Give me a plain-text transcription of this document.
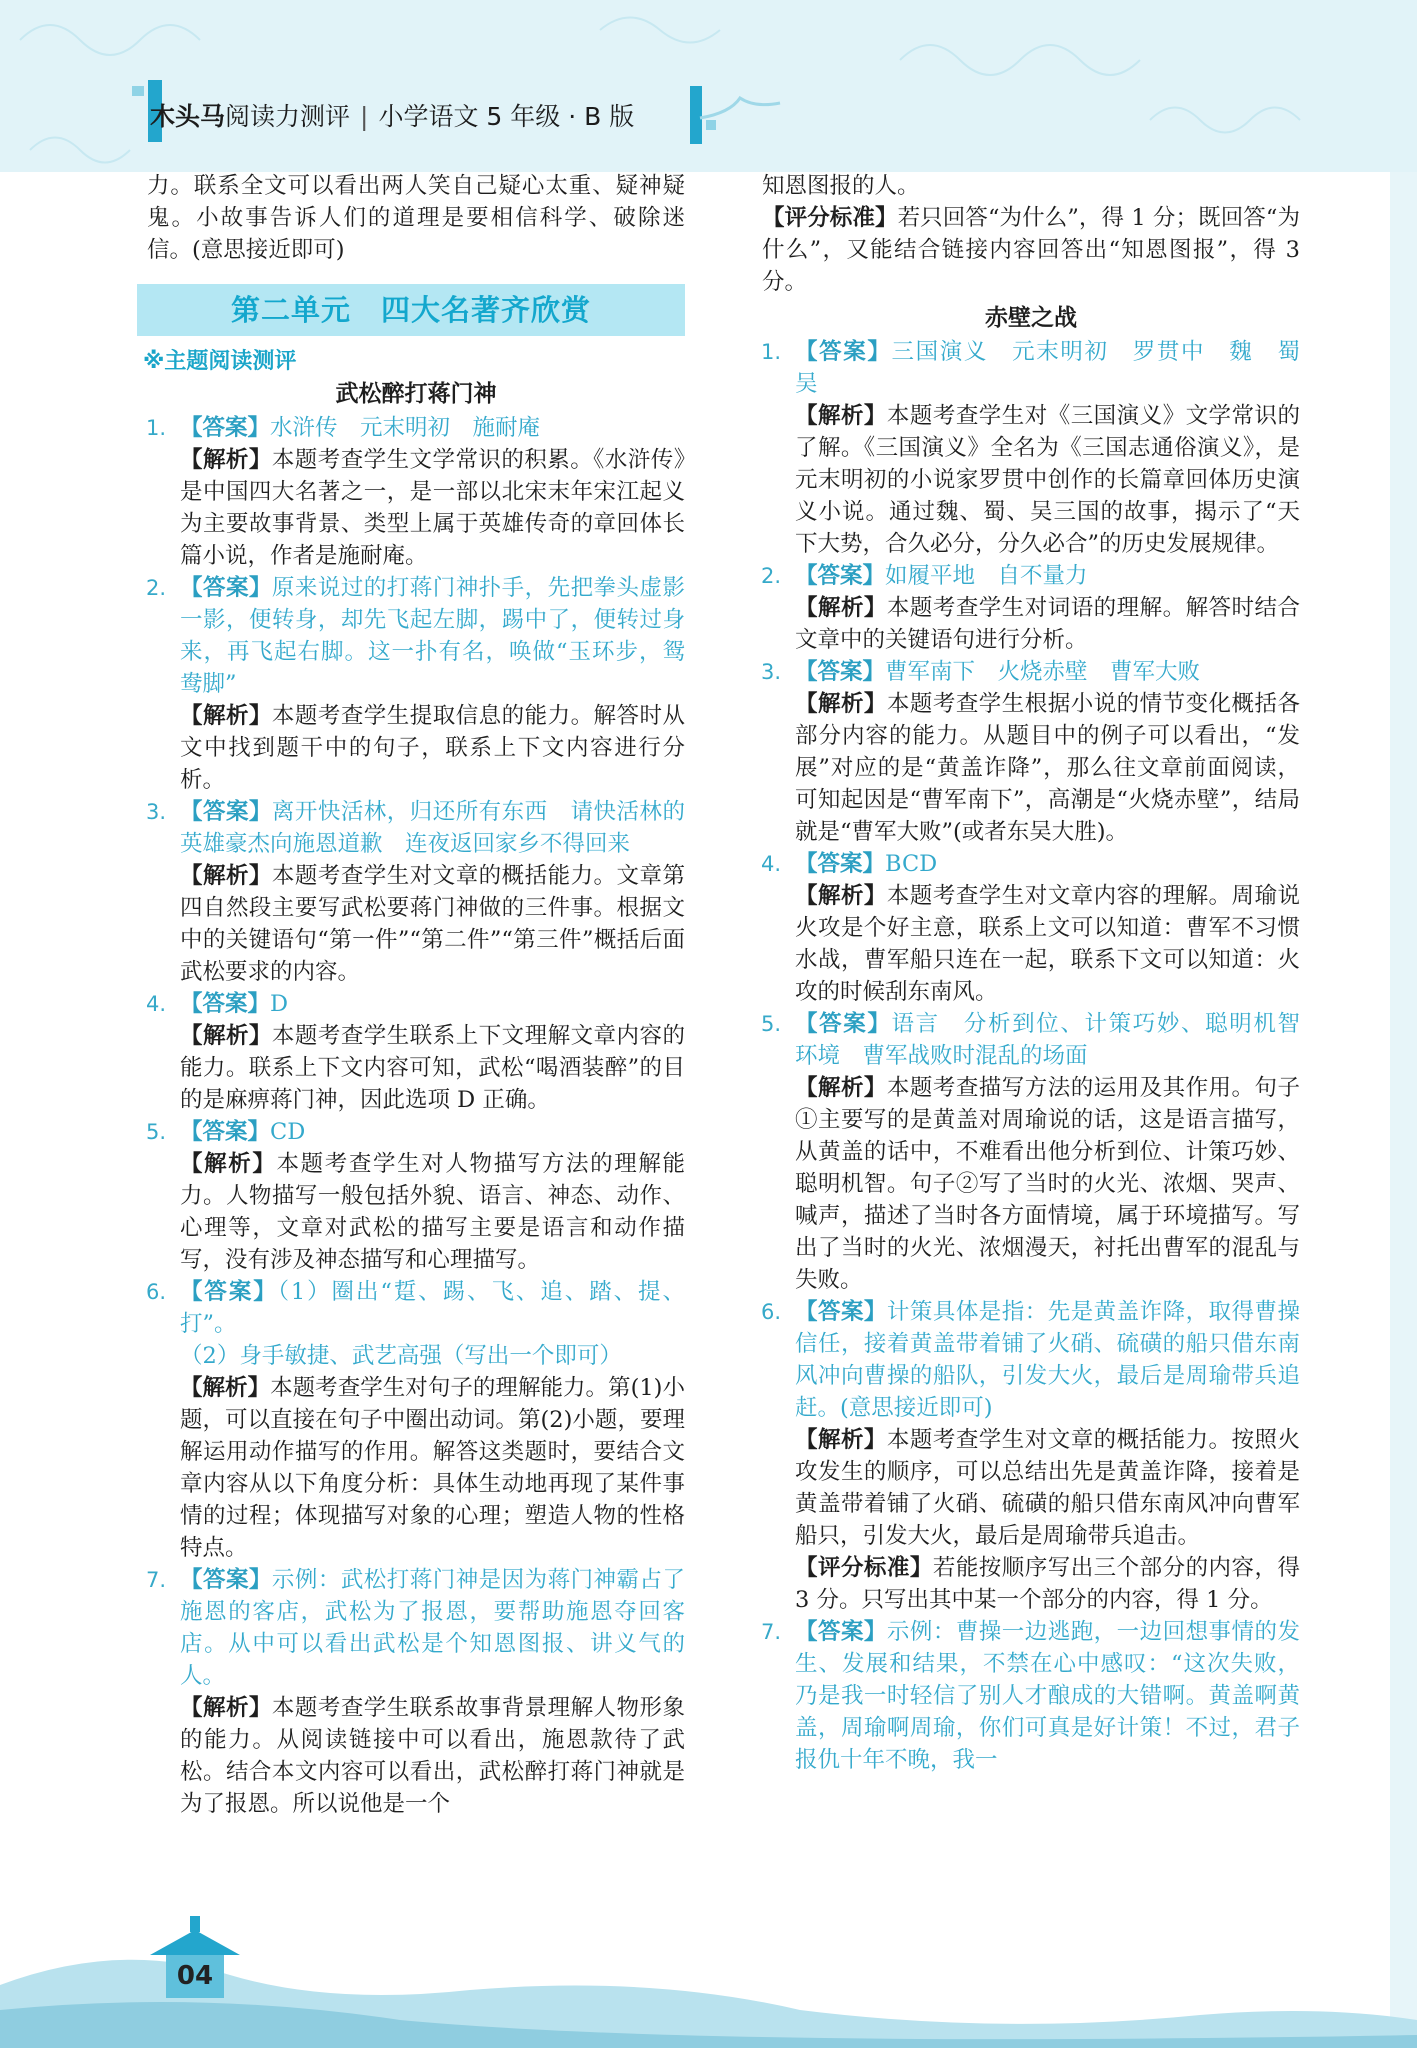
木头马阅读力测评 | 小学语文 5 年级 · B 版

力。联系全文可以看出两人笑自己疑心太重、疑神疑鬼。小故事告诉人们的道理是要相信科学、破除迷信。(意思接近即可)

第二单元　四大名著齐欣赏
※主题阅读测评
武松醉打蒋门神
1. 【答案】水浒传　元末明初　施耐庵

【解析】本题考查学生文学常识的积累。《水浒传》是中国四大名著之一，是一部以北宋末年宋江起义为主要故事背景、类型上属于英雄传奇的章回体长篇小说，作者是施耐庵。

2. 【答案】原来说过的打蒋门神扑手，先把拳头虚影一影，便转身，却先飞起左脚，踢中了，便转过身来，再飞起右脚。这一扑有名，唤做“玉环步，鸳鸯脚”

【解析】本题考查学生提取信息的能力。解答时从文中找到题干中的句子，联系上下文内容进行分析。

3. 【答案】离开快活林，归还所有东西　请快活林的英雄豪杰向施恩道歉　连夜返回家乡不得回来

【解析】本题考查学生对文章的概括能力。文章第四自然段主要写武松要蒋门神做的三件事。根据文中的关键语句“第一件”“第二件”“第三件”概括后面武松要求的内容。

4. 【答案】D

【解析】本题考查学生联系上下文理解文章内容的能力。联系上下文内容可知，武松“喝酒装醉”的目的是麻痹蒋门神，因此选项 D 正确。

5. 【答案】CD

【解析】本题考查学生对人物描写方法的理解能力。人物描写一般包括外貌、语言、神态、动作、心理等，文章对武松的描写主要是语言和动作描写，没有涉及神态描写和心理描写。

6. 【答案】（1）圈出“踅、踢、飞、追、踏、提、打”。

（2）身手敏捷、武艺高强（写出一个即可）

【解析】本题考查学生对句子的理解能力。第(1)小题，可以直接在句子中圈出动词。第(2)小题，要理解运用动作描写的作用。解答这类题时，要结合文章内容从以下角度分析：具体生动地再现了某件事情的过程；体现描写对象的心理；塑造人物的性格特点。

7. 【答案】示例：武松打蒋门神是因为蒋门神霸占了施恩的客店，武松为了报恩，要帮助施恩夺回客店。从中可以看出武松是个知恩图报、讲义气的人。

【解析】本题考查学生联系故事背景理解人物形象的能力。从阅读链接中可以看出，施恩款待了武松。结合本文内容可以看出，武松醉打蒋门神就是为了报恩。所以说他是一个

知恩图报的人。

【评分标准】若只回答“为什么”，得 1 分；既回答“为什么”，又能结合链接内容回答出“知恩图报”，得 3 分。

赤壁之战
1. 【答案】三国演义　元末明初　罗贯中　魏　蜀　吴

【解析】本题考查学生对《三国演义》文学常识的了解。《三国演义》全名为《三国志通俗演义》，是元末明初的小说家罗贯中创作的长篇章回体历史演义小说。通过魏、蜀、吴三国的故事，揭示了“天下大势，合久必分，分久必合”的历史发展规律。

2. 【答案】如履平地　自不量力

【解析】本题考查学生对词语的理解。解答时结合文章中的关键语句进行分析。

3. 【答案】曹军南下　火烧赤壁　曹军大败

【解析】本题考查学生根据小说的情节变化概括各部分内容的能力。从题目中的例子可以看出，“发展”对应的是“黄盖诈降”，那么往文章前面阅读，可知起因是“曹军南下”，高潮是“火烧赤壁”，结局就是“曹军大败”(或者东吴大胜)。

4. 【答案】BCD

【解析】本题考查学生对文章内容的理解。周瑜说火攻是个好主意，联系上文可以知道：曹军不习惯水战，曹军船只连在一起，联系下文可以知道：火攻的时候刮东南风。

5. 【答案】语言　分析到位、计策巧妙、聪明机智　环境　曹军战败时混乱的场面

【解析】本题考查描写方法的运用及其作用。句子①主要写的是黄盖对周瑜说的话，这是语言描写，从黄盖的话中，不难看出他分析到位、计策巧妙、聪明机智。句子②写了当时的火光、浓烟、哭声、喊声，描述了当时各方面情境，属于环境描写。写出了当时的火光、浓烟漫天，衬托出曹军的混乱与失败。

6. 【答案】计策具体是指：先是黄盖诈降，取得曹操信任，接着黄盖带着铺了火硝、硫磺的船只借东南风冲向曹操的船队，引发大火，最后是周瑜带兵追赶。(意思接近即可)

【解析】本题考查学生对文章的概括能力。按照火攻发生的顺序，可以总结出先是黄盖诈降，接着是黄盖带着铺了火硝、硫磺的船只借东南风冲向曹军船只，引发大火，最后是周瑜带兵追击。

【评分标准】若能按顺序写出三个部分的内容，得 3 分。只写出其中某一个部分的内容，得 1 分。

7. 【答案】示例：曹操一边逃跑，一边回想事情的发生、发展和结果，不禁在心中感叹：“这次失败，乃是我一时轻信了别人才酿成的大错啊。黄盖啊黄盖，周瑜啊周瑜，你们可真是好计策！不过，君子报仇十年不晚，我一

04
